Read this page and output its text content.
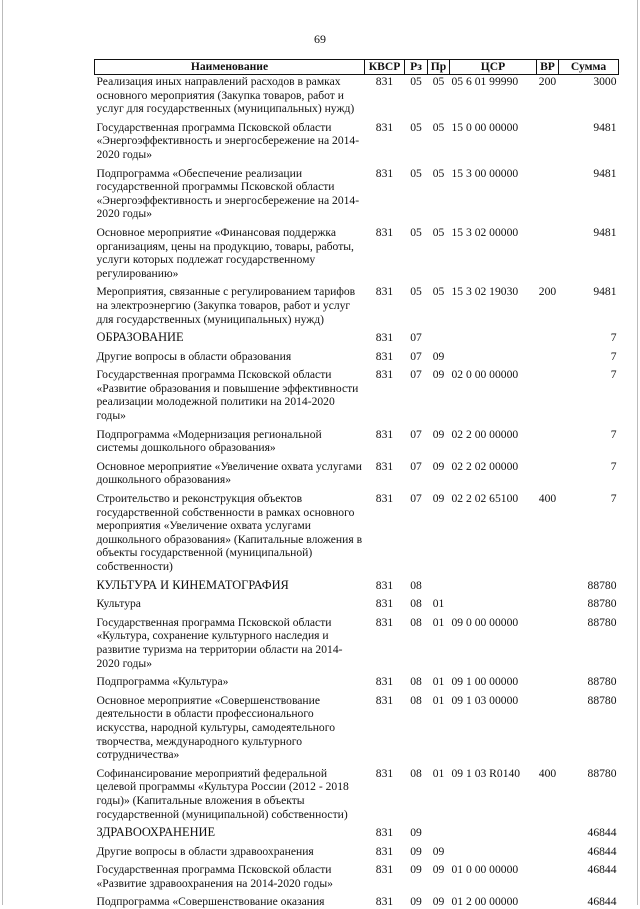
69
Наименование	КВСР	Рз	Пр	ЦСР	ВР	Сумма
Реализация иных направлений расходов в рамках основного мероприятия (Закупка товаров, работ и услуг для государственных (муниципальных) нужд)	831	05	05	05 6 01 99990	200	3000
Государственная программа Псковской области «Энергоэффективность и энергосбережение на 2014-2020 годы»	831	05	05	15 0 00 00000		9481
Подпрограмма «Обеспечение реализации государственной программы Псковской области «Энергоэффективность и энергосбережение на 2014-2020 годы»	831	05	05	15 3 00 00000		9481
Основное мероприятие «Финансовая поддержка организациям, цены на продукцию, товары, работы, услуги которых подлежат государственному регулированию»	831	05	05	15 3 02 00000		9481
Мероприятия, связанные с регулированием тарифов на электроэнергию (Закупка товаров, работ и услуг для государственных (муниципальных) нужд)	831	05	05	15 3 02 19030	200	9481
ОБРАЗОВАНИЕ	831	07				7
Другие вопросы в области образования	831	07	09			7
Государственная программа Псковской области «Развитие образования и повышение эффективности реализации молодежной политики на 2014-2020 годы»	831	07	09	02 0 00 00000		7
Подпрограмма «Модернизация региональной системы дошкольного образования»	831	07	09	02 2 00 00000		7
Основное мероприятие «Увеличение охвата услугами дошкольного образования»	831	07	09	02 2 02 00000		7
Строительство и реконструкция объектов государственной собственности в рамках основного мероприятия «Увеличение охвата услугами дошкольного образования» (Капитальные вложения в объекты государственной (муниципальной) собственности)	831	07	09	02 2 02 65100	400	7
КУЛЬТУРА И КИНЕМАТОГРАФИЯ	831	08				88780
Культура	831	08	01			88780
Государственная программа Псковской области «Культура, сохранение культурного наследия и развитие туризма на территории области на 2014-2020 годы»	831	08	01	09 0 00 00000		88780
Подпрограмма «Культура»	831	08	01	09 1 00 00000		88780
Основное мероприятие «Совершенствование деятельности в области профессионального искусства, народной культуры, самодеятельного творчества, международного культурного сотрудничества»	831	08	01	09 1 03 00000		88780
Софинансирование мероприятий федеральной целевой программы «Культура России (2012 - 2018 годы)» (Капитальные вложения в объекты государственной (муниципальной) собственности)	831	08	01	09 1 03 R0140	400	88780
ЗДРАВООХРАНЕНИЕ	831	09				46844
Другие вопросы в области здравоохранения	831	09	09			46844
Государственная программа Псковской области «Развитие здравоохранения на 2014-2020 годы»	831	09	09	01 0 00 00000		46844
Подпрограмма «Совершенствование оказания	831	09	09	01 2 00 00000		46844
